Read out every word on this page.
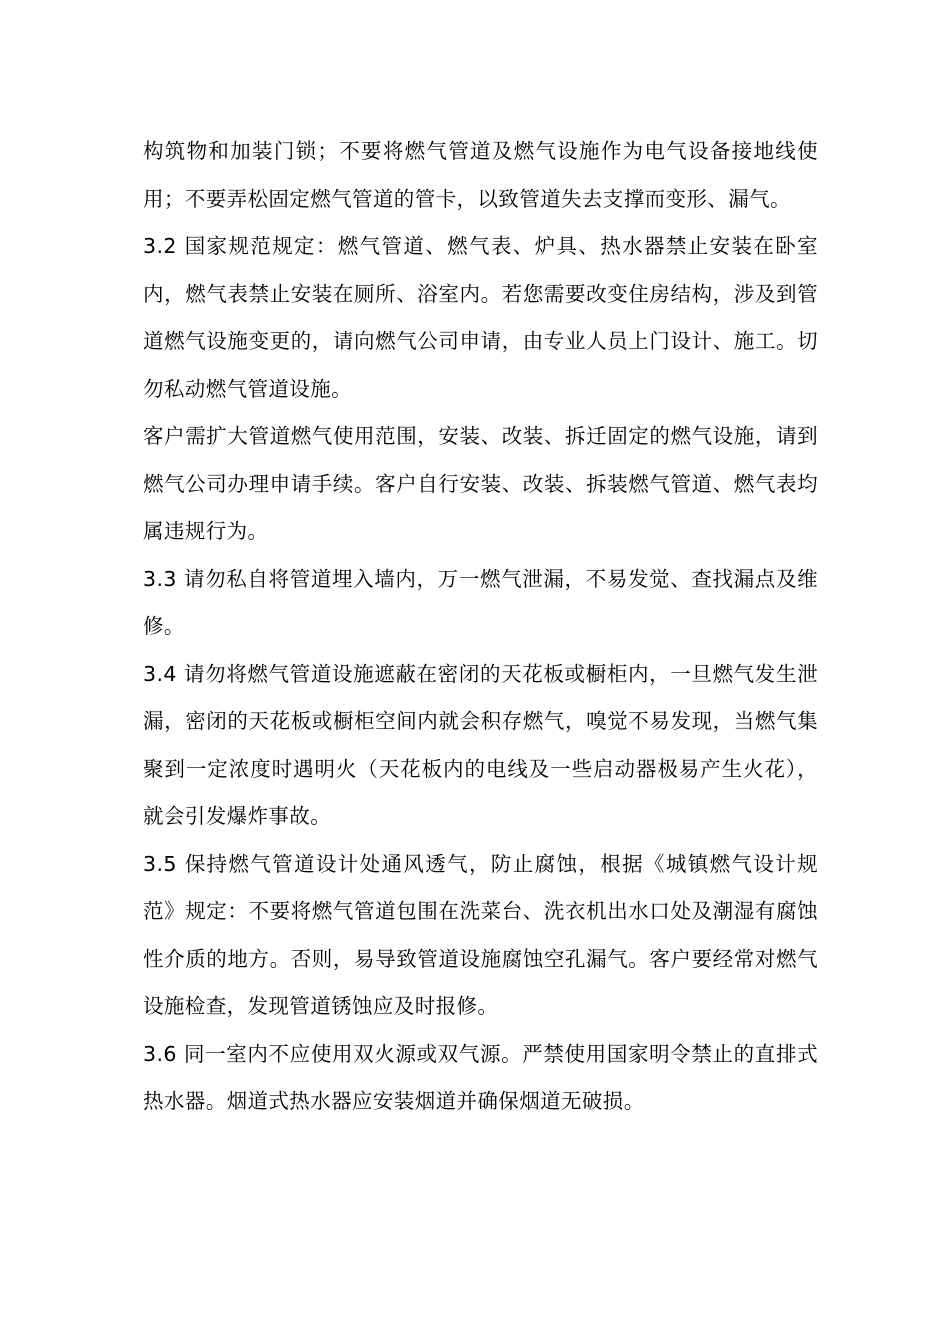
构筑物和加装门锁；不要将燃气管道及燃气设施作为电气设备接地线使用；不要弄松固定燃气管道的管卡，以致管道失去支撑而变形、漏气。

3.2 国家规范规定：燃气管道、燃气表、炉具、热水器禁止安装在卧室内，燃气表禁止安装在厕所、浴室内。若您需要改变住房结构，涉及到管道燃气设施变更的，请向燃气公司申请，由专业人员上门设计、施工。切勿私动燃气管道设施。

客户需扩大管道燃气使用范围，安装、改装、拆迁固定的燃气设施，请到燃气公司办理申请手续。客户自行安装、改装、拆装燃气管道、燃气表均属违规行为。

3.3 请勿私自将管道埋入墙内，万一燃气泄漏，不易发觉、查找漏点及维修。

3.4 请勿将燃气管道设施遮蔽在密闭的天花板或橱柜内，一旦燃气发生泄漏，密闭的天花板或橱柜空间内就会积存燃气，嗅觉不易发现，当燃气集聚到一定浓度时遇明火（天花板内的电线及一些启动器极易产生火花），就会引发爆炸事故。

3.5 保持燃气管道设计处通风透气，防止腐蚀，根据《城镇燃气设计规范》规定：不要将燃气管道包围在洗菜台、洗衣机出水口处及潮湿有腐蚀性介质的地方。否则，易导致管道设施腐蚀空孔漏气。客户要经常对燃气设施检查，发现管道锈蚀应及时报修。

3.6 同一室内不应使用双火源或双气源。严禁使用国家明令禁止的直排式热水器。烟道式热水器应安装烟道并确保烟道无破损。
